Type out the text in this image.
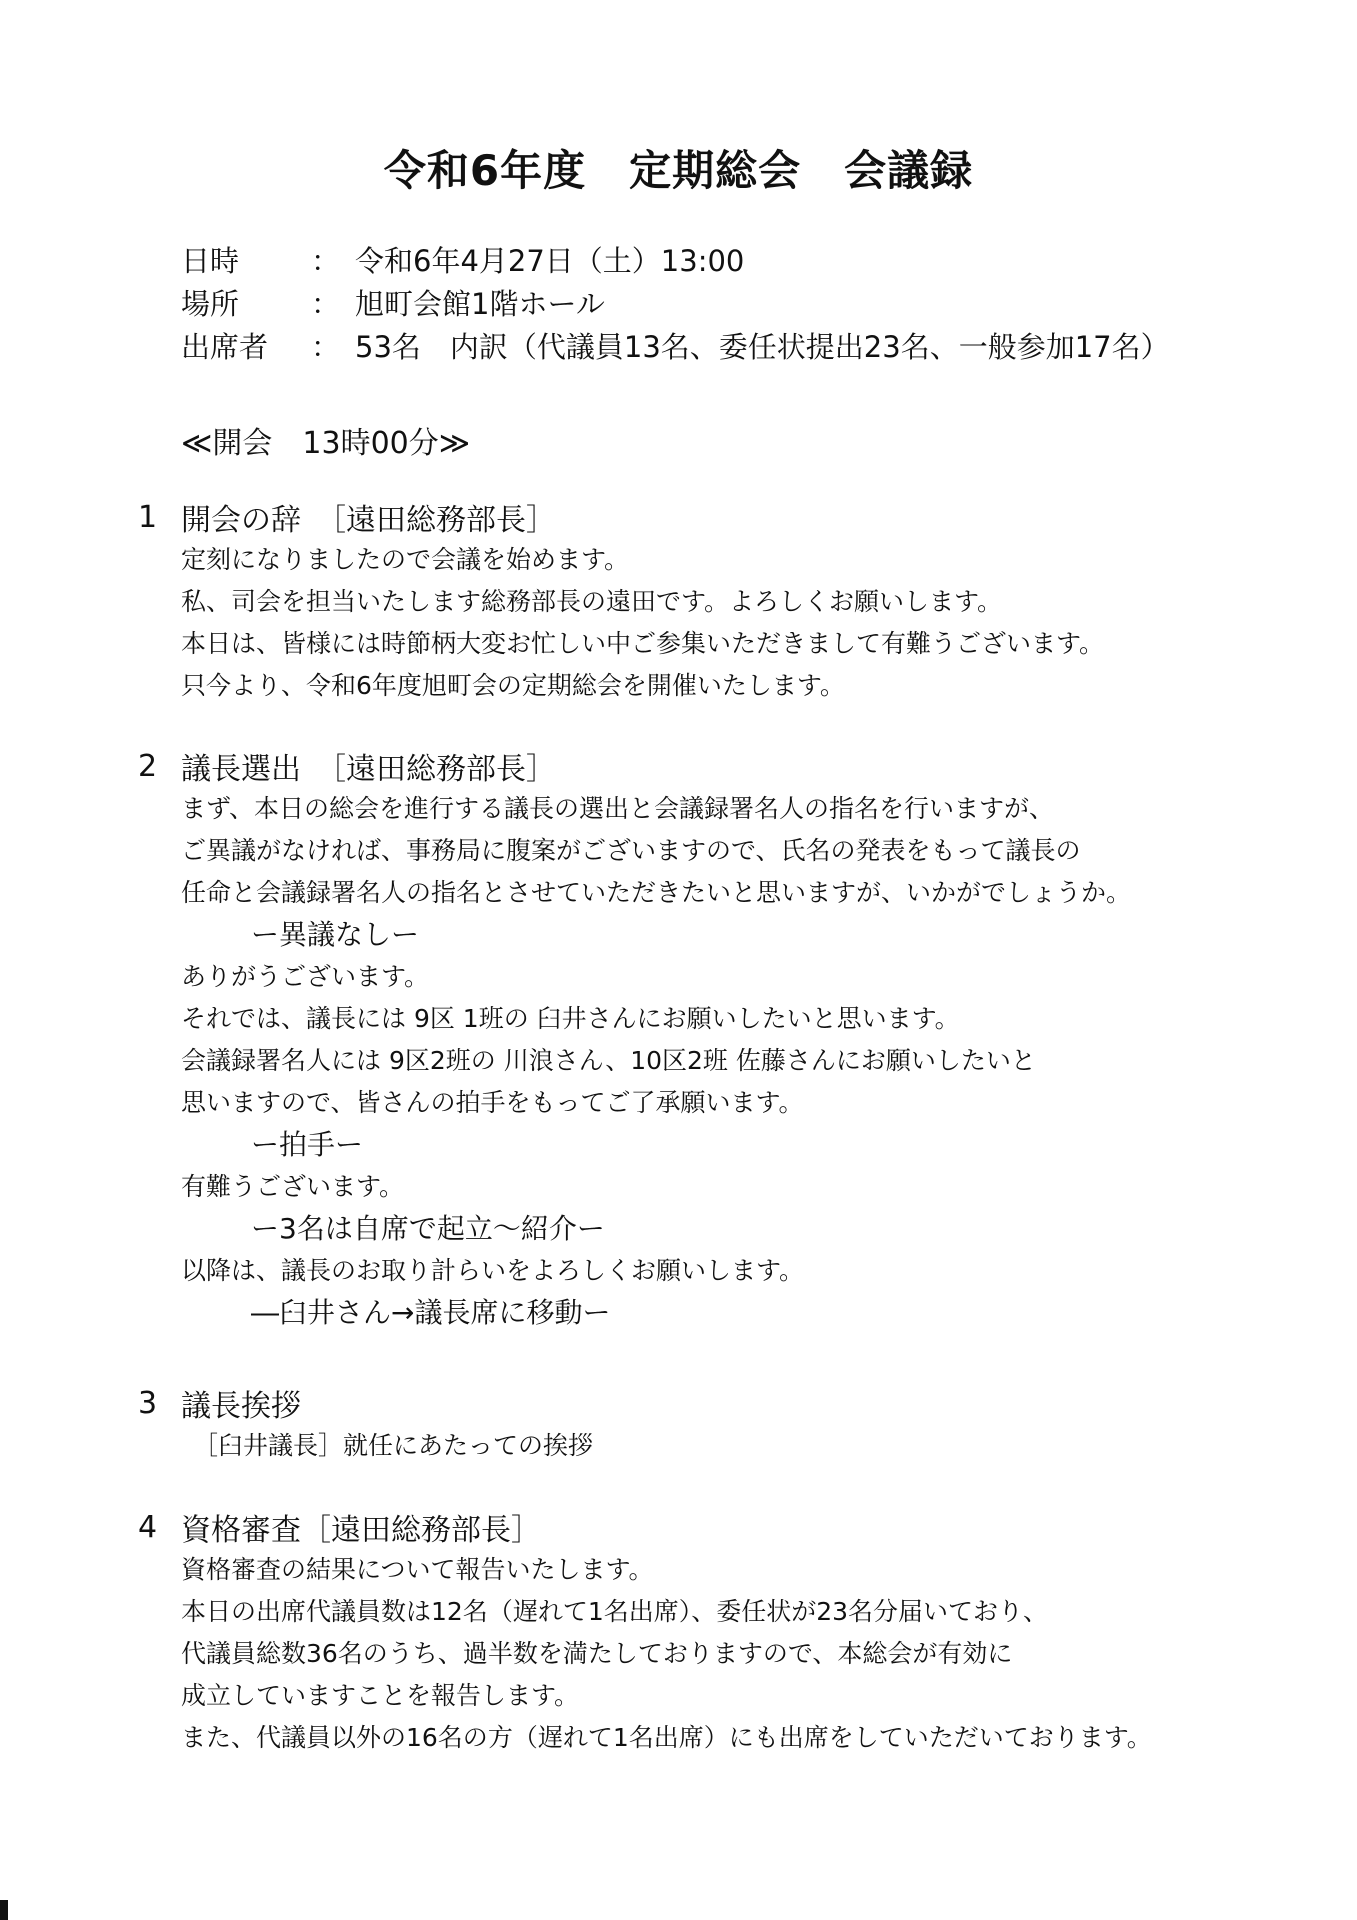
令和6年度　定期総会　会議録
日時	： 令和6年4月27日（土）13:00
場所	： 旭町会館1階ホール
出席者	： 53名　内訳（代議員13名、委任状提出23名、一般参加17名）
≪開会　13時00分≫
1 開会の辞　［遠田総務部長］
定刻になりましたので会議を始めます。
私、司会を担当いたします総務部長の遠田です。よろしくお願いします。
本日は、皆様には時節柄大変お忙しい中ご参集いただきまして有難うございます。
只今より、令和6年度旭町会の定期総会を開催いたします。
2 議長選出　［遠田総務部長］
まず、本日の総会を進行する議長の選出と会議録署名人の指名を行いますが、
ご異議がなければ、事務局に腹案がございますので、氏名の発表をもって議長の
任命と会議録署名人の指名とさせていただきたいと思いますが、いかがでしょうか。
ー異議なしー
ありがうございます。
それでは、議長には 9区 1班の 臼井さんにお願いしたいと思います。
会議録署名人には 9区2班の 川浪さん、10区2班 佐藤さんにお願いしたいと
思いますので、皆さんの拍手をもってご了承願います。
ー拍手ー
有難うございます。
ー3名は自席で起立～紹介ー
以降は、議長のお取り計らいをよろしくお願いします。
―臼井さん→議長席に移動ー
3 議長挨拶
［臼井議長］就任にあたっての挨拶
4 資格審査［遠田総務部長］
資格審査の結果について報告いたします。
本日の出席代議員数は12名（遅れて1名出席）、委任状が23名分届いており、
代議員総数36名のうち、過半数を満たしておりますので、本総会が有効に
成立していますことを報告します。
また、代議員以外の16名の方（遅れて1名出席）にも出席をしていただいております。
